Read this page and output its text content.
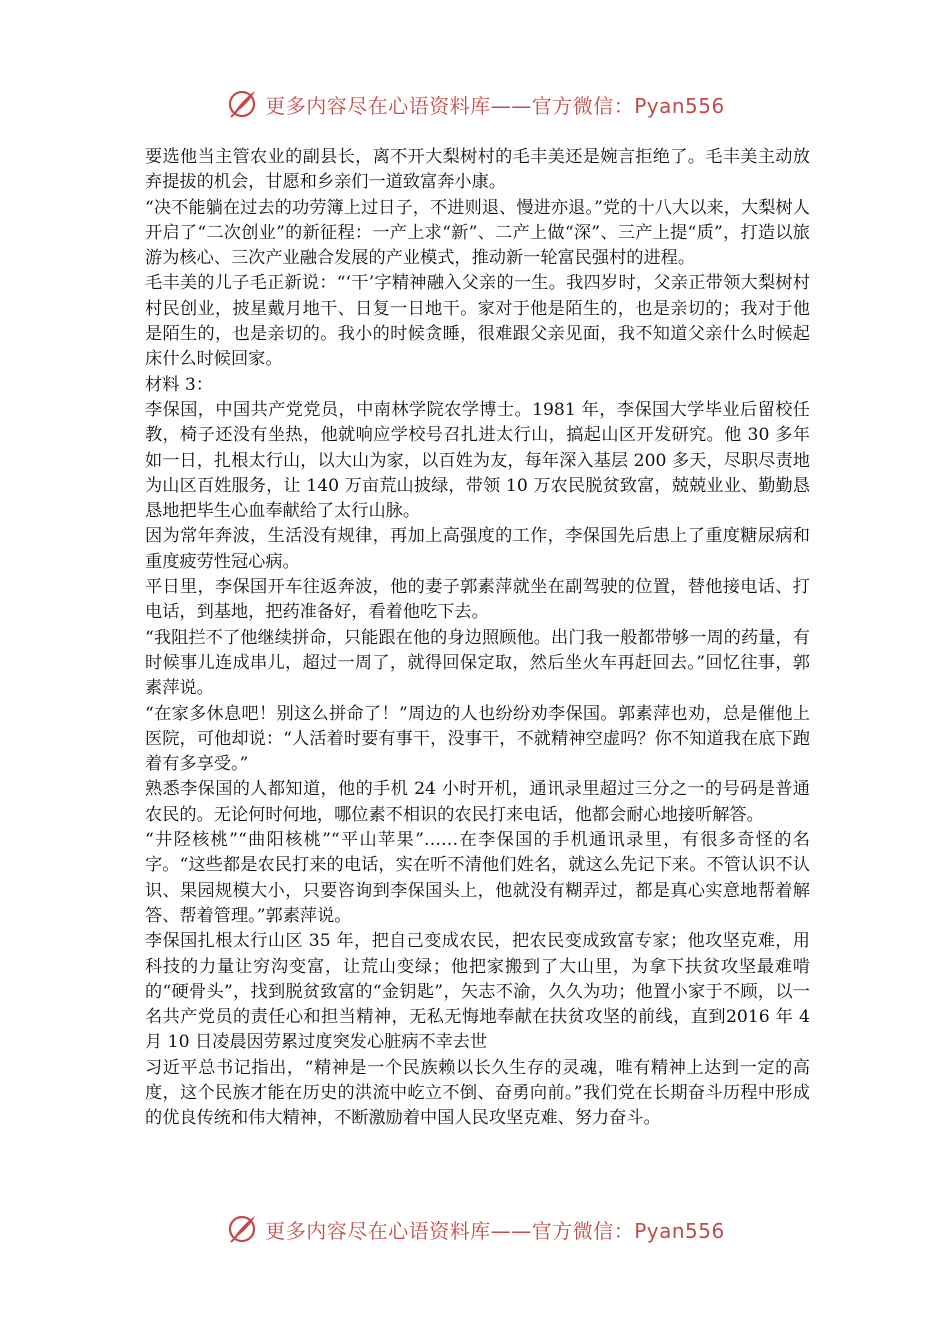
更多内容尽在心语资料库——官方微信：Pyan556

要选他当主管农业的副县长，离不开大梨树村的毛丰美还是婉言拒绝了。毛丰美主动放弃提拔的机会，甘愿和乡亲们一道致富奔小康。

“决不能躺在过去的功劳簿上过日子，不进则退、慢进亦退。”党的十八大以来，大梨树人开启了“二次创业”的新征程：一产上求“新”、二产上做“深”、三产上提“质”，打造以旅游为核心、三次产业融合发展的产业模式，推动新一轮富民强村的进程。

毛丰美的儿子毛正新说：“‘干’字精神融入父亲的一生。我四岁时，父亲正带领大梨树村村民创业，披星戴月地干、日复一日地干。家对于他是陌生的，也是亲切的；我对于他是陌生的，也是亲切的。我小的时候贪睡，很难跟父亲见面，我不知道父亲什么时候起床什么时候回家。

材料 3：

李保国，中国共产党党员，中南林学院农学博士。1981 年，李保国大学毕业后留校任教，椅子还没有坐热，他就响应学校号召扎进太行山，搞起山区开发研究。他 30 多年如一日，扎根太行山，以大山为家，以百姓为友，每年深入基层 200 多天，尽职尽责地为山区百姓服务，让 140 万亩荒山披绿，带领 10 万农民脱贫致富，兢兢业业、勤勤恳恳地把毕生心血奉献给了太行山脉。

因为常年奔波，生活没有规律，再加上高强度的工作，李保国先后患上了重度糖尿病和重度疲劳性冠心病。

平日里，李保国开车往返奔波，他的妻子郭素萍就坐在副驾驶的位置，替他接电话、打电话，到基地，把药准备好，看着他吃下去。

“我阻拦不了他继续拼命，只能跟在他的身边照顾他。出门我一般都带够一周的药量，有时候事儿连成串儿，超过一周了，就得回保定取，然后坐火车再赶回去。”回忆往事，郭素萍说。

“在家多休息吧！别这么拼命了！”周边的人也纷纷劝李保国。郭素萍也劝，总是催他上医院，可他却说：“人活着时要有事干，没事干，不就精神空虚吗？你不知道我在底下跑着有多享受。”

熟悉李保国的人都知道，他的手机 24 小时开机，通讯录里超过三分之一的号码是普通农民的。无论何时何地，哪位素不相识的农民打来电话，他都会耐心地接听解答。

“井陉核桃”“曲阳核桃”“平山苹果”……在李保国的手机通讯录里，有很多奇怪的名字。“这些都是农民打来的电话，实在听不清他们姓名，就这么先记下来。不管认识不认识、果园规模大小，只要咨询到李保国头上，他就没有糊弄过，都是真心实意地帮着解答、帮着管理。”郭素萍说。

李保国扎根太行山区 35 年，把自己变成农民，把农民变成致富专家；他攻坚克难，用科技的力量让穷沟变富，让荒山变绿；他把家搬到了大山里，为拿下扶贫攻坚最难啃的“硬骨头”，找到脱贫致富的“金钥匙”，矢志不渝，久久为功；他置小家于不顾，以一名共产党员的责任心和担当精神，无私无悔地奉献在扶贫攻坚的前线，直到2016 年 4 月 10 日凌晨因劳累过度突发心脏病不幸去世

习近平总书记指出，“精神是一个民族赖以长久生存的灵魂，唯有精神上达到一定的高度，这个民族才能在历史的洪流中屹立不倒、奋勇向前。”我们党在长期奋斗历程中形成的优良传统和伟大精神，不断激励着中国人民攻坚克难、努力奋斗。

更多内容尽在心语资料库——官方微信：Pyan556
